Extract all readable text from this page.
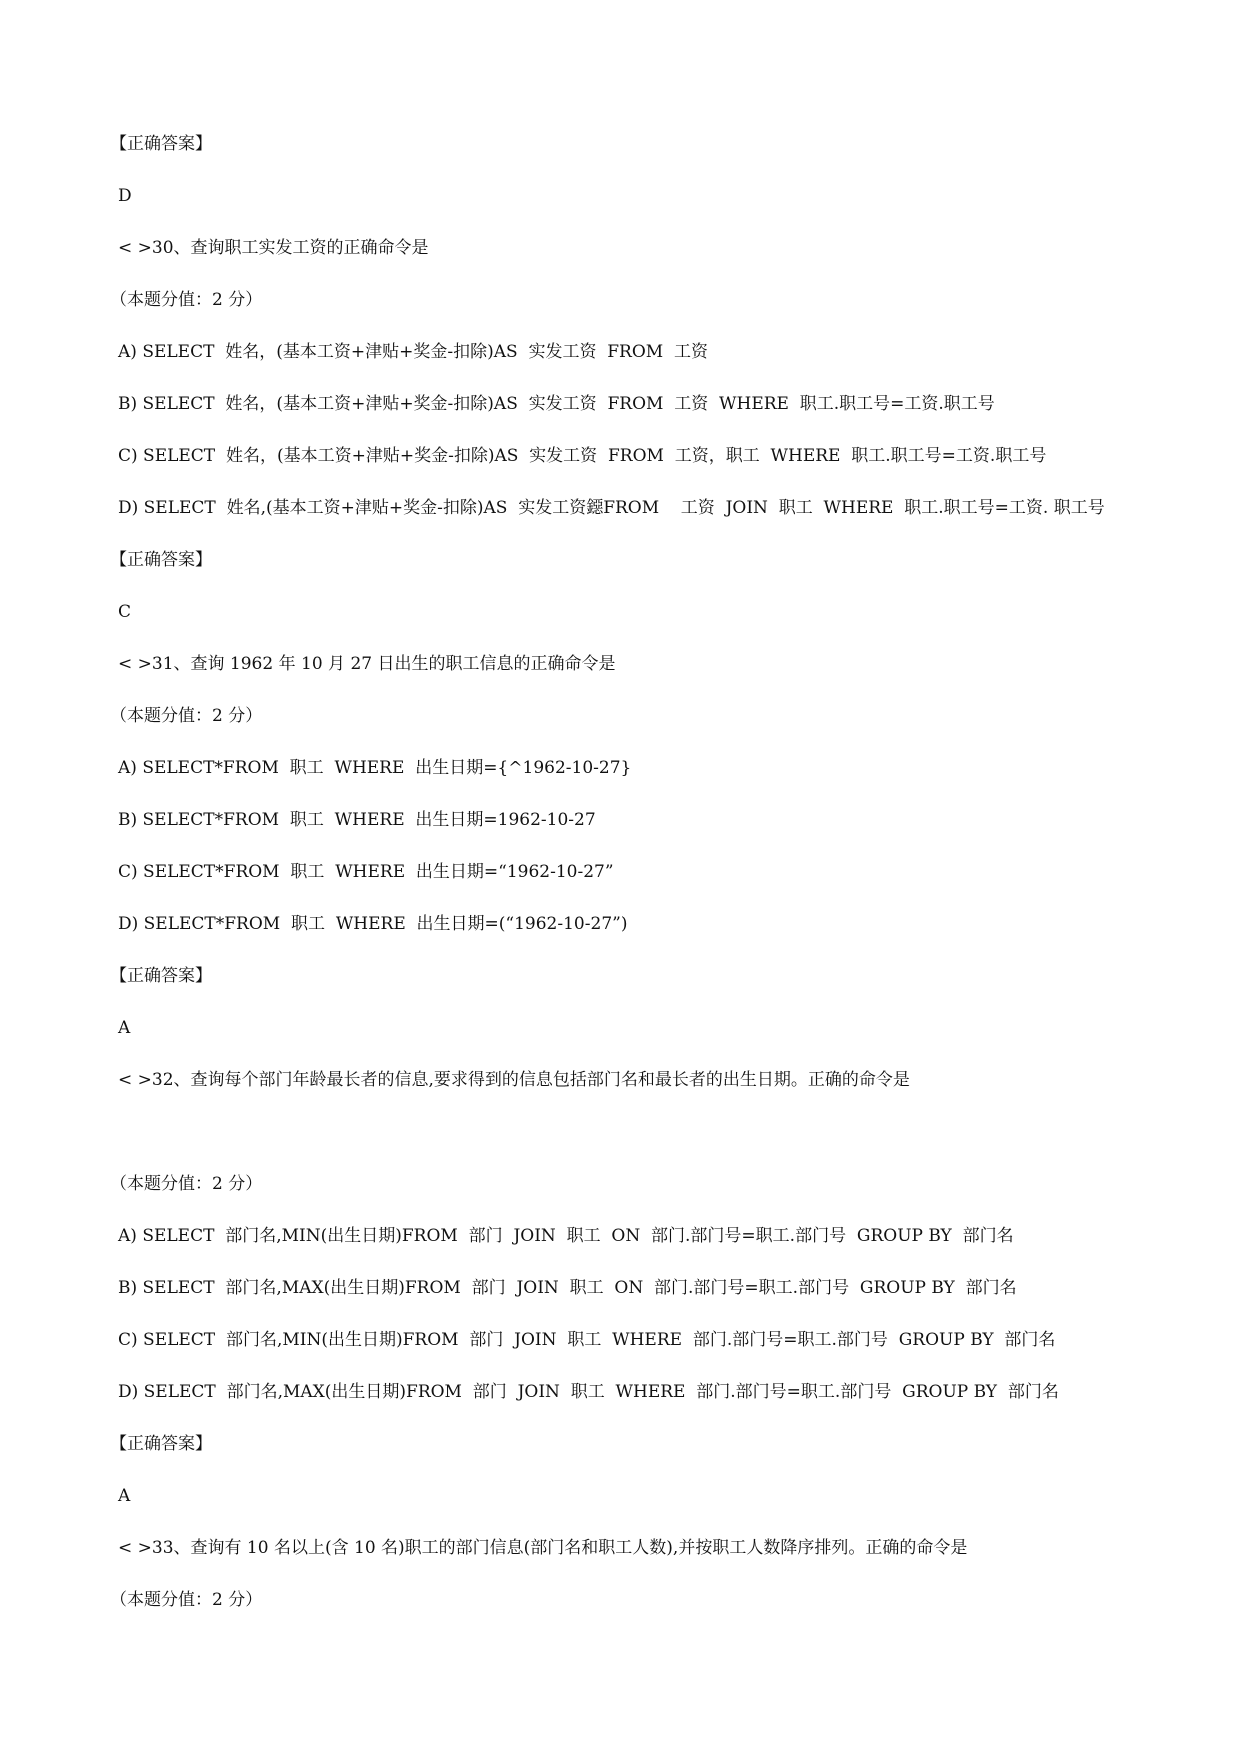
【正确答案】
D
< >30、查询职工实发工资的正确命令是
（本题分值：2 分）
A) SELECT  姓名，(基本工资+津贴+奖金-扣除)AS  实发工资  FROM  工资
B) SELECT  姓名，(基本工资+津贴+奖金-扣除)AS  实发工资  FROM  工资  WHERE  职工.职工号=工资.职工号
C) SELECT  姓名，(基本工资+津贴+奖金-扣除)AS  实发工资  FROM  工资，职工  WHERE  职工.职工号=工资.职工号
D) SELECT  姓名,(基本工资+津贴+奖金-扣除)AS  实发工资鐚FROM    工资  JOIN  职工  WHERE  职工.职工号=工资. 职工号
【正确答案】
C
< >31、查询 1962 年 10 月 27 日出生的职工信息的正确命令是
（本题分值：2 分）
A) SELECT*FROM  职工  WHERE  出生日期={^1962-10-27}
B) SELECT*FROM  职工  WHERE  出生日期=1962-10-27
C) SELECT*FROM  职工  WHERE  出生日期=“1962-10-27”
D) SELECT*FROM  职工  WHERE  出生日期=(“1962-10-27”)
【正确答案】
A
< >32、查询每个部门年龄最长者的信息,要求得到的信息包括部门名和最长者的出生日期。正确的命令是
（本题分值：2 分）
A) SELECT  部门名,MIN(出生日期)FROM  部门  JOIN  职工  ON  部门.部门号=职工.部门号  GROUP BY  部门名
B) SELECT  部门名,MAX(出生日期)FROM  部门  JOIN  职工  ON  部门.部门号=职工.部门号  GROUP BY  部门名
C) SELECT  部门名,MIN(出生日期)FROM  部门  JOIN  职工  WHERE  部门.部门号=职工.部门号  GROUP BY  部门名
D) SELECT  部门名,MAX(出生日期)FROM  部门  JOIN  职工  WHERE  部门.部门号=职工.部门号  GROUP BY  部门名
【正确答案】
A
< >33、查询有 10 名以上(含 10 名)职工的部门信息(部门名和职工人数),并按职工人数降序排列。正确的命令是
（本题分值：2 分）
